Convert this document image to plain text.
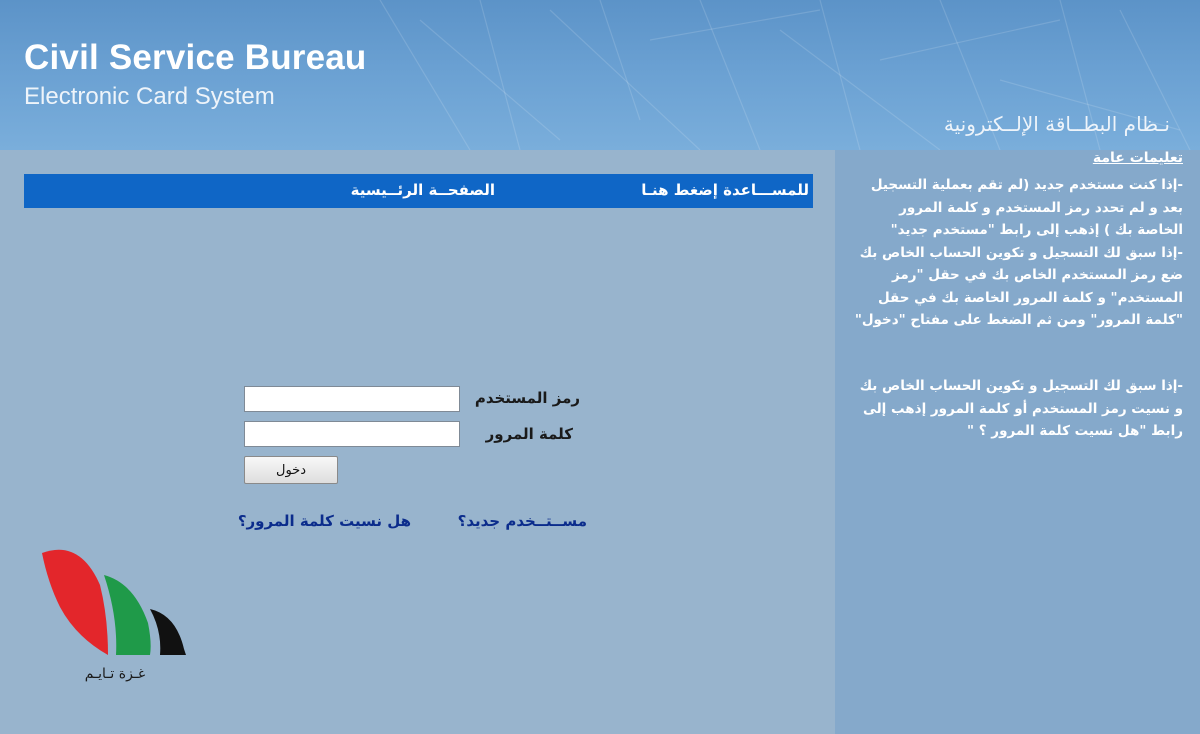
Civil Service Bureau
Electronic Card System
نـظام البطــاقة الإلــكترونية
للمســـاعدة إضغط هنـا
الصفحــة الرئــيسية
رمز المستخدم
كلمة المرور
دخول
مســتــخدم جديد؟
هل نسيت كلمة المرور؟
تعليمات عامة

-إذا كنت مستخدم جديد (لم تقم بعملية التسجيل بعد و لم تحدد رمز المستخدم و كلمة المرور الخاصة بك ) إذهب إلى رابط "مستخدم جديد"
-إذا سبق لك التسجيل و تكوين الحساب الخاص بك ضع رمز المستخدم الخاص بك في حقل "رمز المستخدم" و كلمة المرور الخاصة بك في حقل "كلمة المرور" ومن ثم الضغط على مفتاح "دخول"

-إذا سبق لك التسجيل و تكوين الحساب الخاص بك و نسيت رمز المستخدم أو كلمة المرور إذهب إلى رابط "هل نسيت كلمة المرور ؟ "

غـزة تـايـم
